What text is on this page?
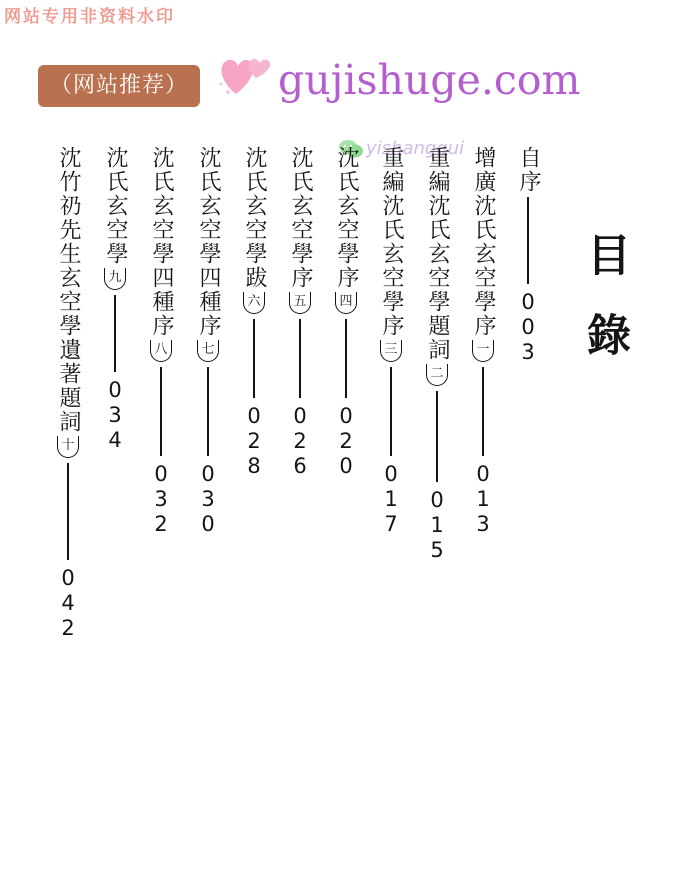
网站专用非资料水印
（网站推荐） gujishuge.com
yishanggui
目錄
自序
003
增廣沈氏玄空學序
一
013
重編沈氏玄空學題詞
二
015
重編沈氏玄空學序
三
017
沈氏玄空學序
四
020
沈氏玄空學序
五
026
沈氏玄空學跋
六
028
沈氏玄空學四種序
七
030
沈氏玄空學四種序
八
032
沈氏玄空學
九
034
沈竹礽先生玄空學遺著題詞
十
042
